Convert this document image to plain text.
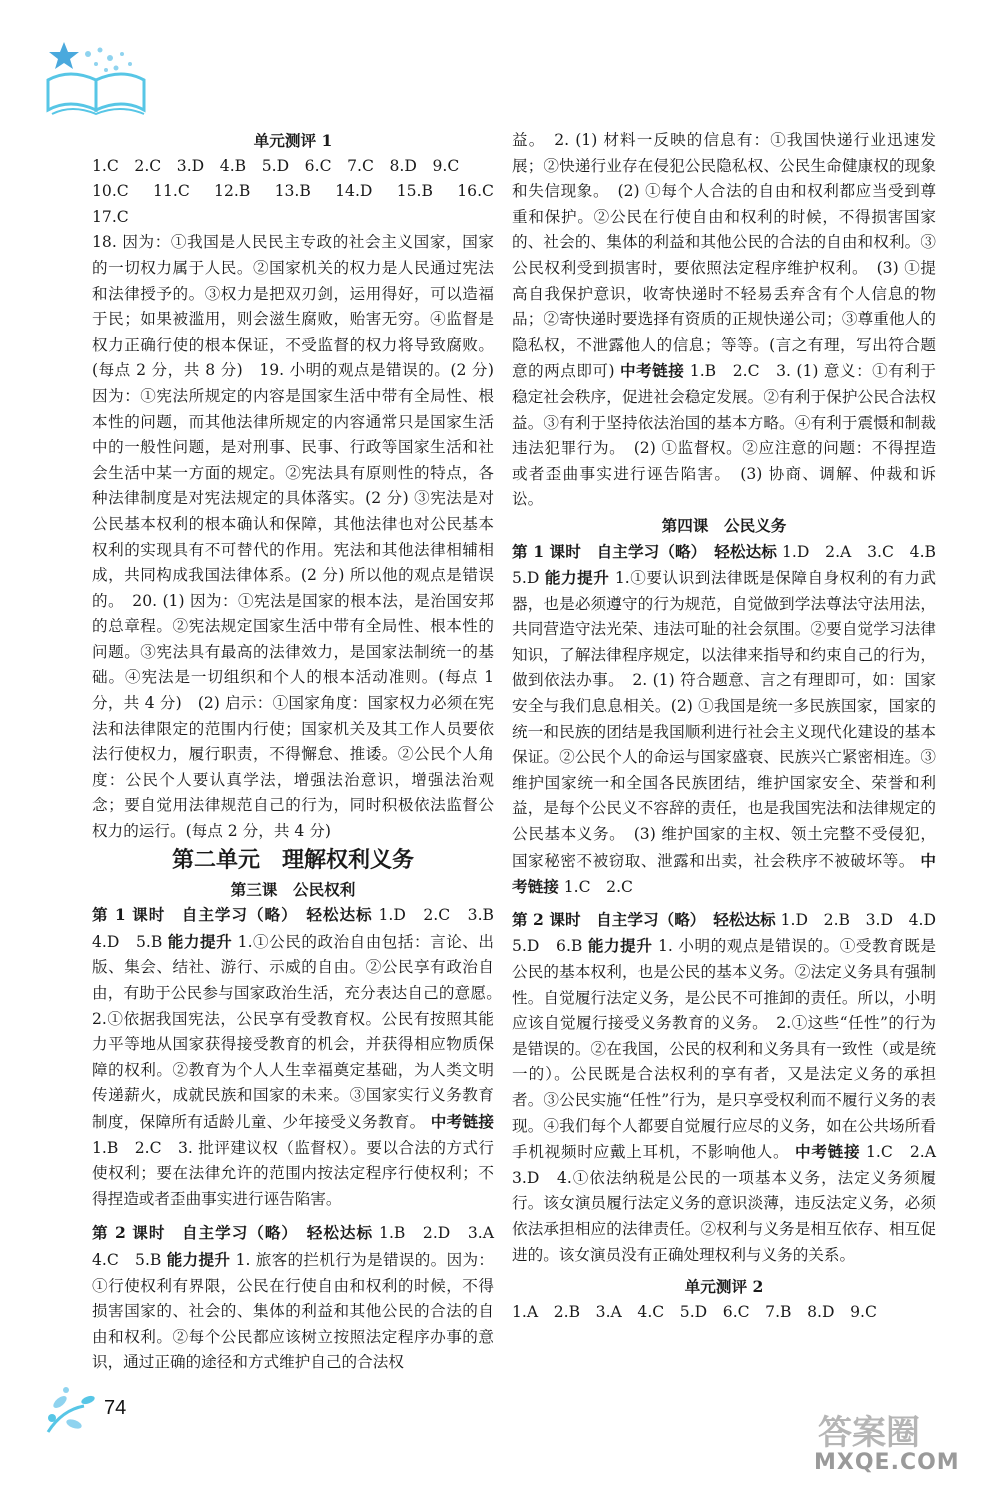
单元测评 1

1.C　2.C　3.D　4.B　5.D　6.C　7.C　8.D　9.C

10.C　11.C　12.B　13.B　14.D　15.B　16.C　17.C

18. 因为：①我国是人民民主专政的社会主义国家，国家的一切权力属于人民。②国家机关的权力是人民通过宪法和法律授予的。③权力是把双刃剑，运用得好，可以造福于民；如果被滥用，则会滋生腐败，贻害无穷。④监督是权力正确行使的根本保证，不受监督的权力将导致腐败。(每点 2 分，共 8 分)　19. 小明的观点是错误的。(2 分) 因为：①宪法所规定的内容是国家生活中带有全局性、根本性的问题，而其他法律所规定的内容通常只是国家生活中的一般性问题，是对刑事、民事、行政等国家生活和社会生活中某一方面的规定。②宪法具有原则性的特点，各种法律制度是对宪法规定的具体落实。(2 分) ③宪法是对公民基本权利的根本确认和保障，其他法律也对公民基本权利的实现具有不可替代的作用。宪法和其他法律相辅相成，共同构成我国法律体系。(2 分) 所以他的观点是错误的。　20. (1) 因为：①宪法是国家的根本法，是治国安邦的总章程。②宪法规定国家生活中带有全局性、根本性的问题。③宪法具有最高的法律效力，是国家法制统一的基础。④宪法是一切组织和个人的根本活动准则。(每点 1 分，共 4 分)　(2) 启示：①国家角度：国家权力必须在宪法和法律限定的范围内行使；国家机关及其工作人员要依法行使权力，履行职责，不得懈怠、推诿。②公民个人角度：公民个人要认真学法，增强法治意识，增强法治观念；要自觉用法律规范自己的行为，同时积极依法监督公权力的运行。(每点 2 分，共 4 分)

第二单元　理解权利义务

第三课　公民权利

第 1 课时　自主学习（略）　轻松达标 1.D　2.C　3.B　4.D　5.B 能力提升 1.①公民的政治自由包括：言论、出版、集会、结社、游行、示威的自由。②公民享有政治自由，有助于公民参与国家政治生活，充分表达自己的意愿。　2.①依据我国宪法，公民享有受教育权。公民有按照其能力平等地从国家获得接受教育的机会，并获得相应物质保障的权利。②教育为个人人生幸福奠定基础，为人类文明传递薪火，成就民族和国家的未来。③国家实行义务教育制度，保障所有适龄儿童、少年接受义务教育。 中考链接 1.B　2.C　3. 批评建议权（监督权）。要以合法的方式行使权利；要在法律允许的范围内按法定程序行使权利；不得捏造或者歪曲事实进行诬告陷害。

第 2 课时　自主学习（略）　轻松达标 1.B　2.D　3.A　4.C　5.B 能力提升 1. 旅客的拦机行为是错误的。因为：①行使权利有界限，公民在行使自由和权利的时候，不得损害国家的、社会的、集体的利益和其他公民的合法的自由和权利。②每个公民都应该树立按照法定程序办事的意识，通过正确的途径和方式维护自己的合法权

益。　2. (1) 材料一反映的信息有：①我国快递行业迅速发展；②快递行业存在侵犯公民隐私权、公民生命健康权的现象和失信现象。　(2) ①每个人合法的自由和权利都应当受到尊重和保护。②公民在行使自由和权利的时候，不得损害国家的、社会的、集体的利益和其他公民的合法的自由和权利。③公民权利受到损害时，要依照法定程序维护权利。　(3) ①提高自我保护意识，收寄快递时不轻易丢弃含有个人信息的物品；②寄快递时要选择有资质的正规快递公司；③尊重他人的隐私权，不泄露他人的信息；等等。(言之有理，写出符合题意的两点即可) 中考链接 1.B　2.C　3. (1) 意义：①有利于稳定社会秩序，促进社会稳定发展。②有利于保护公民合法权益。③有利于坚持依法治国的基本方略。④有利于震慑和制裁违法犯罪行为。　(2) ①监督权。②应注意的问题：不得捏造或者歪曲事实进行诬告陷害。　(3) 协商、调解、仲裁和诉讼。

第四课　公民义务

第 1 课时　自主学习（略）　轻松达标 1.D　2.A　3.C　4.B　5.D 能力提升 1.①要认识到法律既是保障自身权利的有力武器，也是必须遵守的行为规范，自觉做到学法尊法守法用法，共同营造守法光荣、违法可耻的社会氛围。②要自觉学习法律知识，了解法律程序规定，以法律来指导和约束自己的行为，做到依法办事。　2. (1) 符合题意、言之有理即可，如：国家安全与我们息息相关。(2) ①我国是统一多民族国家，国家的统一和民族的团结是我国顺利进行社会主义现代化建设的基本保证。②公民个人的命运与国家盛衰、民族兴亡紧密相连。③维护国家统一和全国各民族团结，维护国家安全、荣誉和利益，是每个公民义不容辞的责任，也是我国宪法和法律规定的公民基本义务。　(3) 维护国家的主权、领土完整不受侵犯，国家秘密不被窃取、泄露和出卖，社会秩序不被破坏等。 中考链接 1.C　2.C

第 2 课时　自主学习（略）　轻松达标 1.D　2.B　3.D　4.D　5.D　6.B 能力提升 1. 小明的观点是错误的。①受教育既是公民的基本权利，也是公民的基本义务。②法定义务具有强制性。自觉履行法定义务，是公民不可推卸的责任。所以，小明应该自觉履行接受义务教育的义务。　2.①这些“任性”的行为是错误的。②在我国，公民的权利和义务具有一致性（或是统一的）。公民既是合法权利的享有者，又是法定义务的承担者。③公民实施“任性”行为，是只享受权利而不履行义务的表现。④我们每个人都要自觉履行应尽的义务，如在公共场所看手机视频时应戴上耳机，不影响他人。 中考链接 1.C　2.A　3.D　4.①依法纳税是公民的一项基本义务，法定义务须履行。该女演员履行法定义务的意识淡薄，违反法定义务，必须依法承担相应的法律责任。②权利与义务是相互依存、相互促进的。该女演员没有正确处理权利与义务的关系。

单元测评 2

1.A　2.B　3.A　4.C　5.D　6.C　7.B　8.D　9.C

74
答案圈
MXQE.COM
